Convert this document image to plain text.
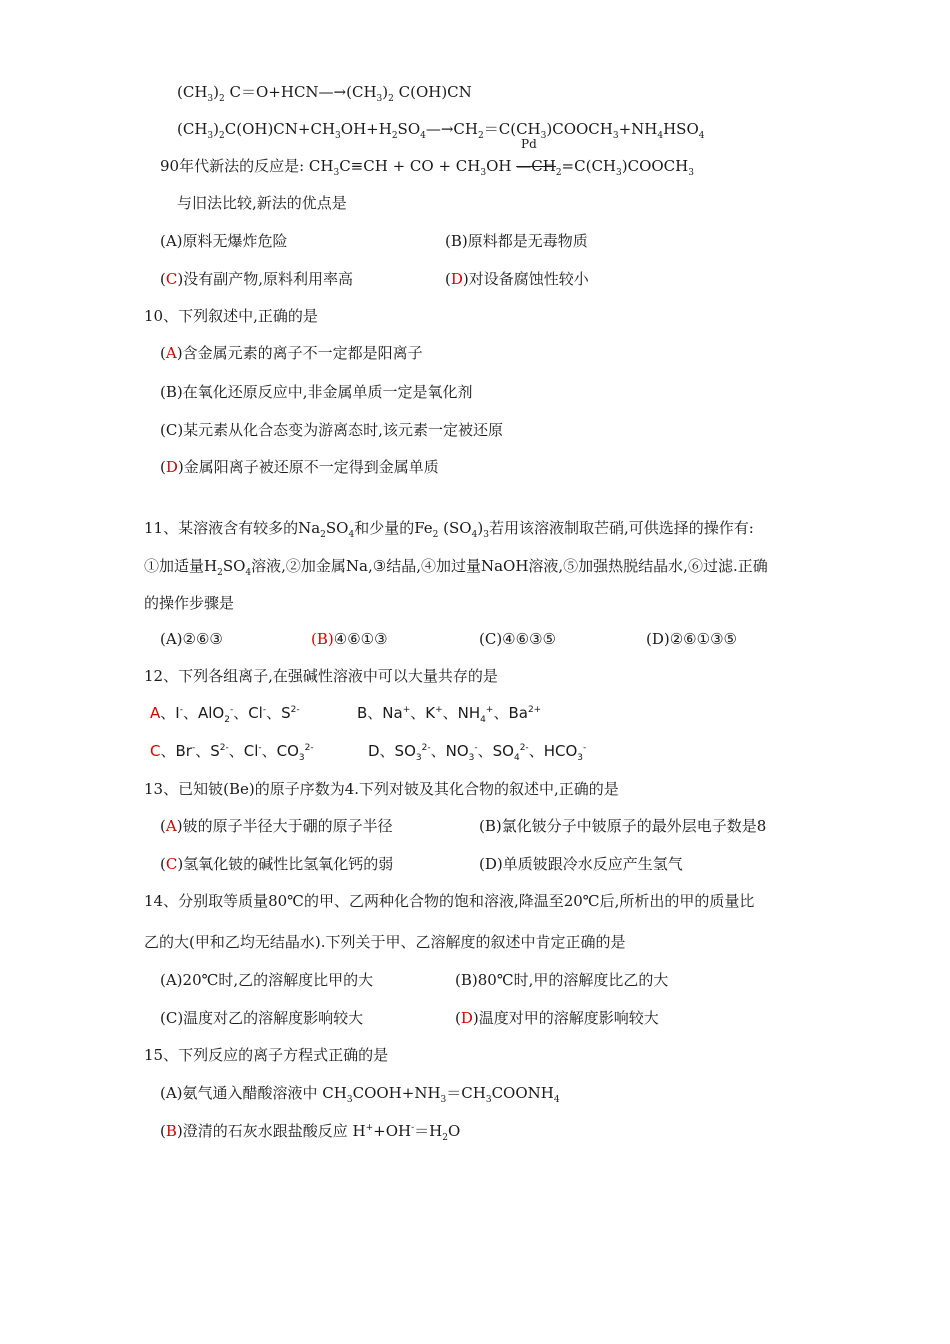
$(CH_3)_2$ $C=O+HCN—\to(CH_3)_2$ C(OH)CN
$(CH_3)_2C(OH)CN+CH_3OH+H_2SO_4—\to CH_2=C(CH_3)COOCH_3+NH_4HSO_4$
Pd
90年代新法的反应是: $CH_3C\equiv CH$ + CO + $CH_3OH$ $—CH_2=C(CH_3)COOCH_3$
与旧法比较,新法的优点是
(A)原料无爆炸危险	(B)原料都是无毒物质
(C)没有副产物,原料利用率高	(D)对设备腐蚀性较小
10、下列叙述中,正确的是
(A)含金属元素的离子不一定都是阳离子
(B)在氧化还原反应中,非金属单质一定是氧化剂
(C)某元素从化合态变为游离态时,该元素一定被还原
(D)金属阳离子被还原不一定得到金属单质
11、某溶液含有较多的$Na_2SO_4$和少量的$Fe_2$ $(SO_4)_3$若用该溶液制取芒硝,可供选择的操作有:
①加适量$H_2SO_4$溶液,②加金属Na,③结晶,④加过量NaOH溶液,⑤加强热脱结晶水,⑥过滤.正确
的操作步骤是
(A)②⑥③	(B)④⑥①③	(C)④⑥③⑤	(D)②⑥①③⑤
12、下列各组离子,在强碱性溶液中可以大量共存的是
A、I-、AlO$_2$-、Cl-、$S^{2-}$	B、Na+、K+、$NH_4^+$、$Ba^{2+}$
C、Br-、$S^{2-}$、Cl-、$CO_3^{2-}$	D、$SO_3^{2-}$、$NO_3^-$、$SO_4^{2-}$、$HCO_3^-$
13、已知铍(Be)的原子序数为4.下列对铍及其化合物的叙述中,正确的是
(A)铍的原子半径大于硼的原子半径	(B)氯化铍分子中铍原子的最外层电子数是8
(C)氢氧化铍的碱性比氢氧化钙的弱	(D)单质铍跟冷水反应产生氢气
14、分别取等质量80℃的甲、乙两种化合物的饱和溶液,降温至20℃后,所析出的甲的质量比
乙的大(甲和乙均无结晶水).下列关于甲、乙溶解度的叙述中肯定正确的是
(A)20℃时,乙的溶解度比甲的大	(B)80℃时,甲的溶解度比乙的大
(C)温度对乙的溶解度影响较大	(D)温度对甲的溶解度影响较大
15、下列反应的离子方程式正确的是
(A)氨气通入醋酸溶液中 $CH_3COOH+NH_3=CH_3COONH_4$
(B)澄清的石灰水跟盐酸反应 $H^++OH^-=H_2O$
